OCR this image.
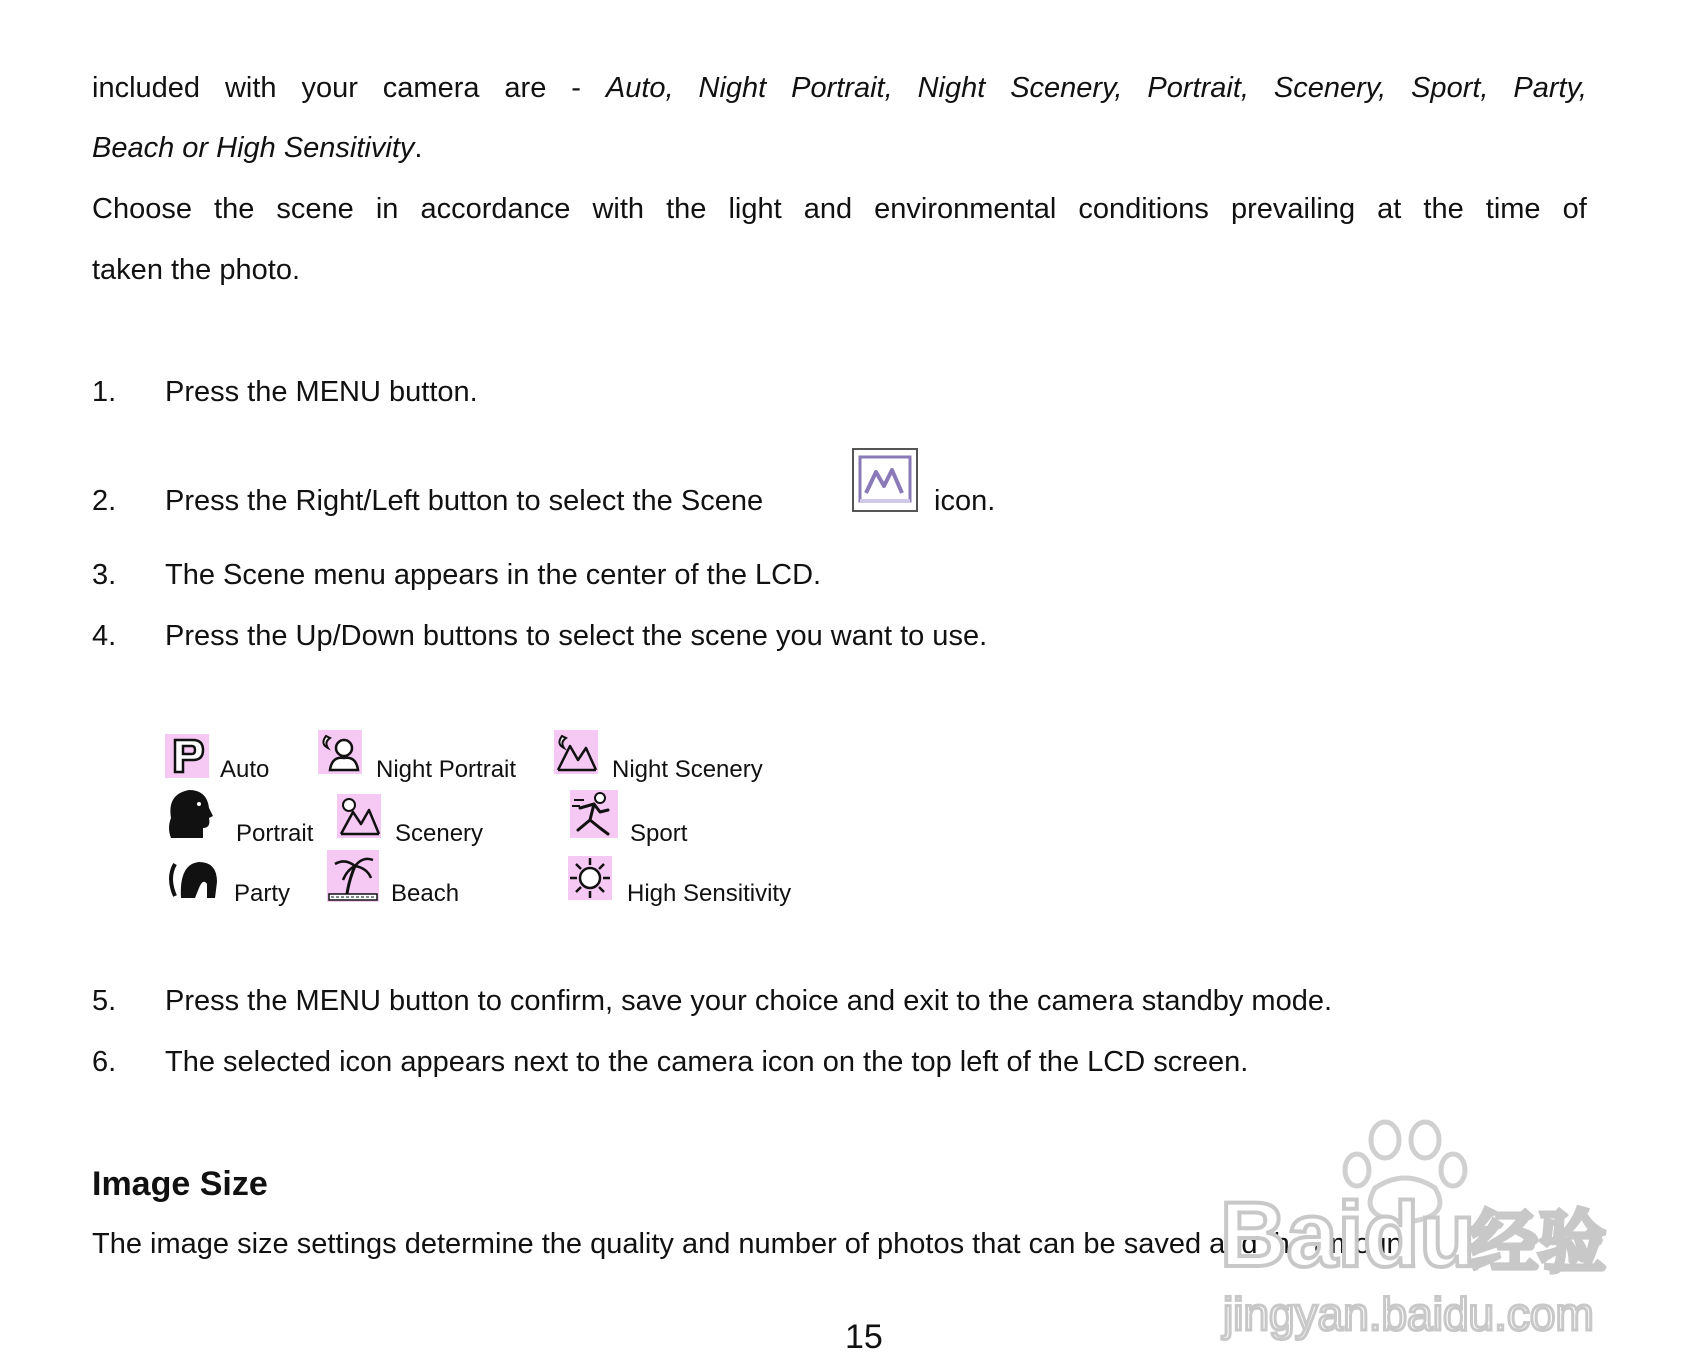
included with your camera are - Auto, Night Portrait, Night Scenery, Portrait, Scenery, Sport, Party,
Beach or High Sensitivity.
Choose the scene in accordance with the light and environmental conditions prevailing at the time of
taken the photo.
1. Press the MENU button.
2. Press the Right/Left button to select the Scene	icon.
3. The Scene menu appears in the center of the LCD.
4. Press the Up/Down buttons to select the scene you want to use.
Auto	Night Portrait	Night Scenery
Portrait	Scenery	Sport
Party	Beach	High Sensitivity
5. Press the MENU button to confirm, save your choice and exit to the camera standby mode.
6. The selected icon appears next to the camera icon on the top left of the LCD screen.
Image Size
The image size settings determine the quality and number of photos that can be saved and the amount
15
Baidu
经验
jingyan.baidu.com
